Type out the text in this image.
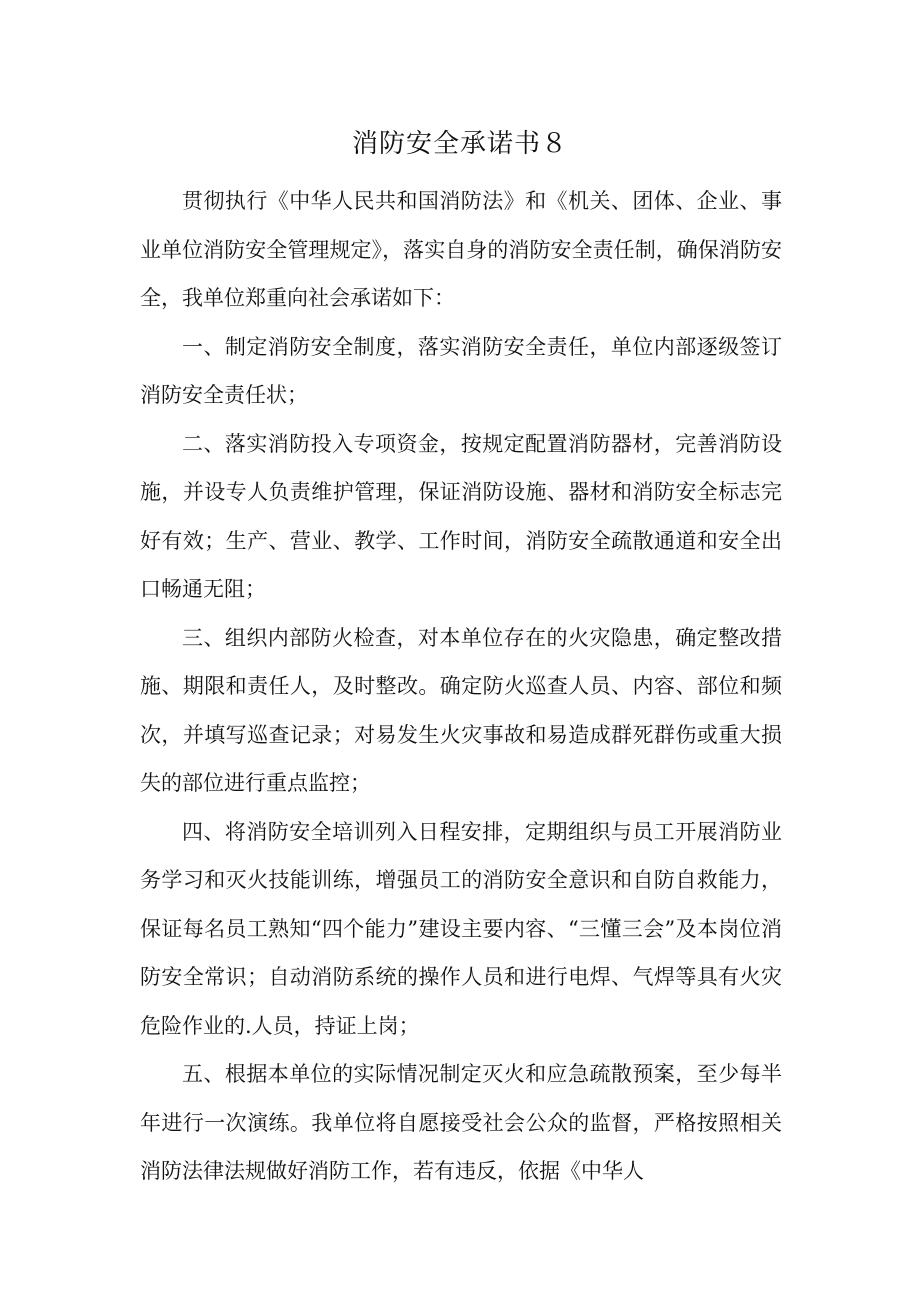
消防安全承诺书８

贯彻执行《中华人民共和国消防法》和《机关、团体、企业、事业单位消防安全管理规定》，落实自身的消防安全责任制，确保消防安全，我单位郑重向社会承诺如下：

一、制定消防安全制度，落实消防安全责任，单位内部逐级签订消防安全责任状；

二、落实消防投入专项资金，按规定配置消防器材，完善消防设施，并设专人负责维护管理，保证消防设施、器材和消防安全标志完好有效；生产、营业、教学、工作时间，消防安全疏散通道和安全出口畅通无阻；

三、组织内部防火检查，对本单位存在的火灾隐患，确定整改措施、期限和责任人，及时整改。确定防火巡查人员、内容、部位和频次，并填写巡查记录；对易发生火灾事故和易造成群死群伤或重大损失的部位进行重点监控；

四、将消防安全培训列入日程安排，定期组织与员工开展消防业务学习和灭火技能训练，增强员工的消防安全意识和自防自救能力，保证每名员工熟知“四个能力”建设主要内容、“三懂三会”及本岗位消防安全常识；自动消防系统的操作人员和进行电焊、气焊等具有火灾危险作业的.人员，持证上岗；

五、根据本单位的实际情况制定灭火和应急疏散预案，至少每半年进行一次演练。我单位将自愿接受社会公众的监督，严格按照相关消防法律法规做好消防工作，若有违反，依据《中华人
